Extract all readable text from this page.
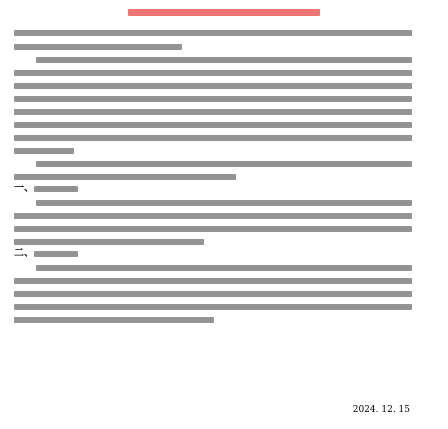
一、
二、
2024. 12. 15
